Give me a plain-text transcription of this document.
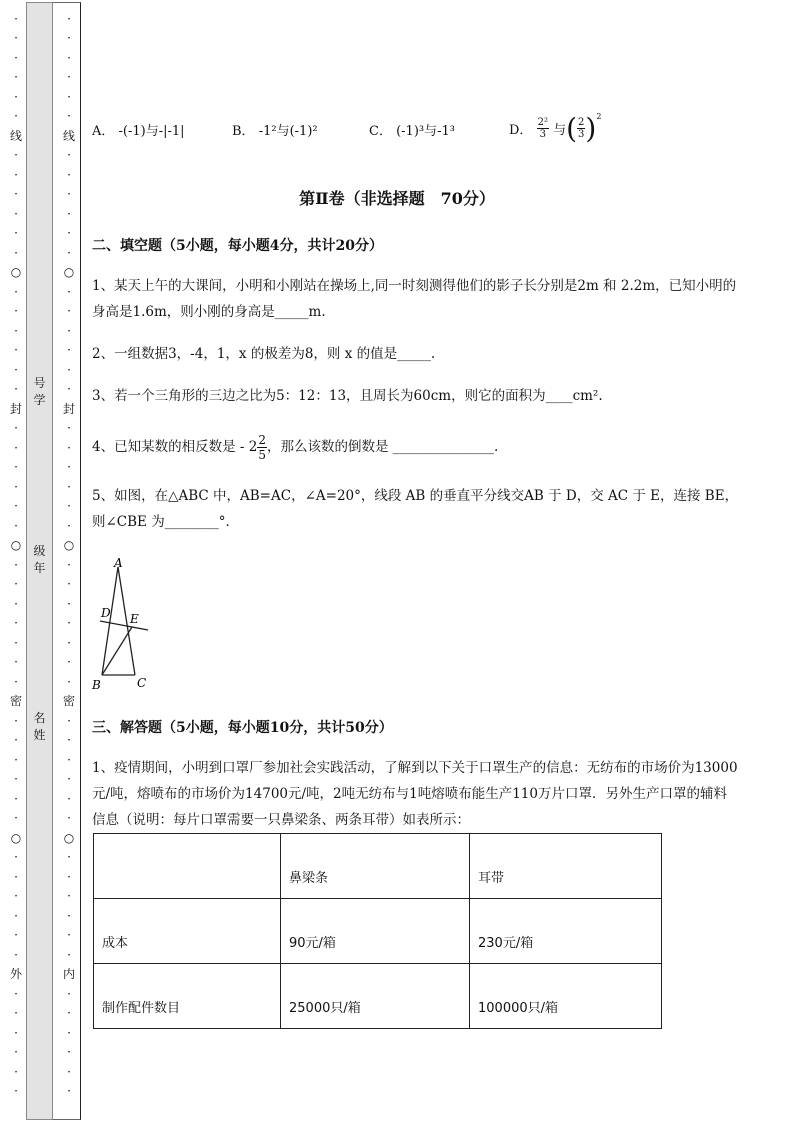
·
·
·
·
·
·
线
·
·
·
·
·
·
○
·
·
·
·
·
·
封
·
·
·
·
·
·
○
·
·
·
·
·
·
·
密
·
·
·
·
·
·
○
·
·
·
·
·
·
外
·
·
·
·
·
·
·
·
·
·
·
·
线
·
·
·
·
·
·
○
·
·
·
·
·
·
封
·
·
·
·
·
·
○
·
·
·
·
·
·
·
密
·
·
·
·
·
·
○
·
·
·
·
·
·
内
·
·
·
·
·
·
号
学
级
年
名
姓
A． -(-1)与-|-1|	B． -1²与(-1)²	C． (-1)³与-1³	D． $\frac{\text{2²}}{3}$ 与( $\frac{2}{3})^2$
第Ⅱ卷（非选择题　70分）
二、填空题（5小题，每小题4分，共计20分）
1、某天上午的大课间，小明和小刚站在操场上,同一时刻测得他们的影子长分别是2m 和 2.2m，已知小明的身高是1.6m，则小刚的身高是_____m.
2、一组数据3，-4，1，x 的极差为8，则 x 的值是_____.
3、若一个三角形的三边之比为5：12：13，且周长为60cm，则它的面积为____cm².
4、已知某数的相反数是 - $2 \frac{2}{5}$，那么该数的倒数是 _______________.
5、如图，在△ABC 中，AB=AC，∠A=20°，线段 AB 的垂直平分线交AB 于 D，交 AC 于 E，连接 BE，则∠CBE 为________°．
A
B	C
D E
三、解答题（5小题，每小题10分，共计50分）
1、疫情期间，小明到口罩厂参加社会实践活动，了解到以下关于口罩生产的信息：无纺布的市场价为13000元/吨，熔喷布的市场价为14700元/吨，2吨无纺布与1吨熔喷布能生产110万片口罩．另外生产口罩的辅料信息（说明：每片口罩需要一只鼻梁条、两条耳带）如表所示：
	鼻梁条	耳带
成本	90元/箱	230元/箱
制作配件数目	25000只/箱	100000只/箱
